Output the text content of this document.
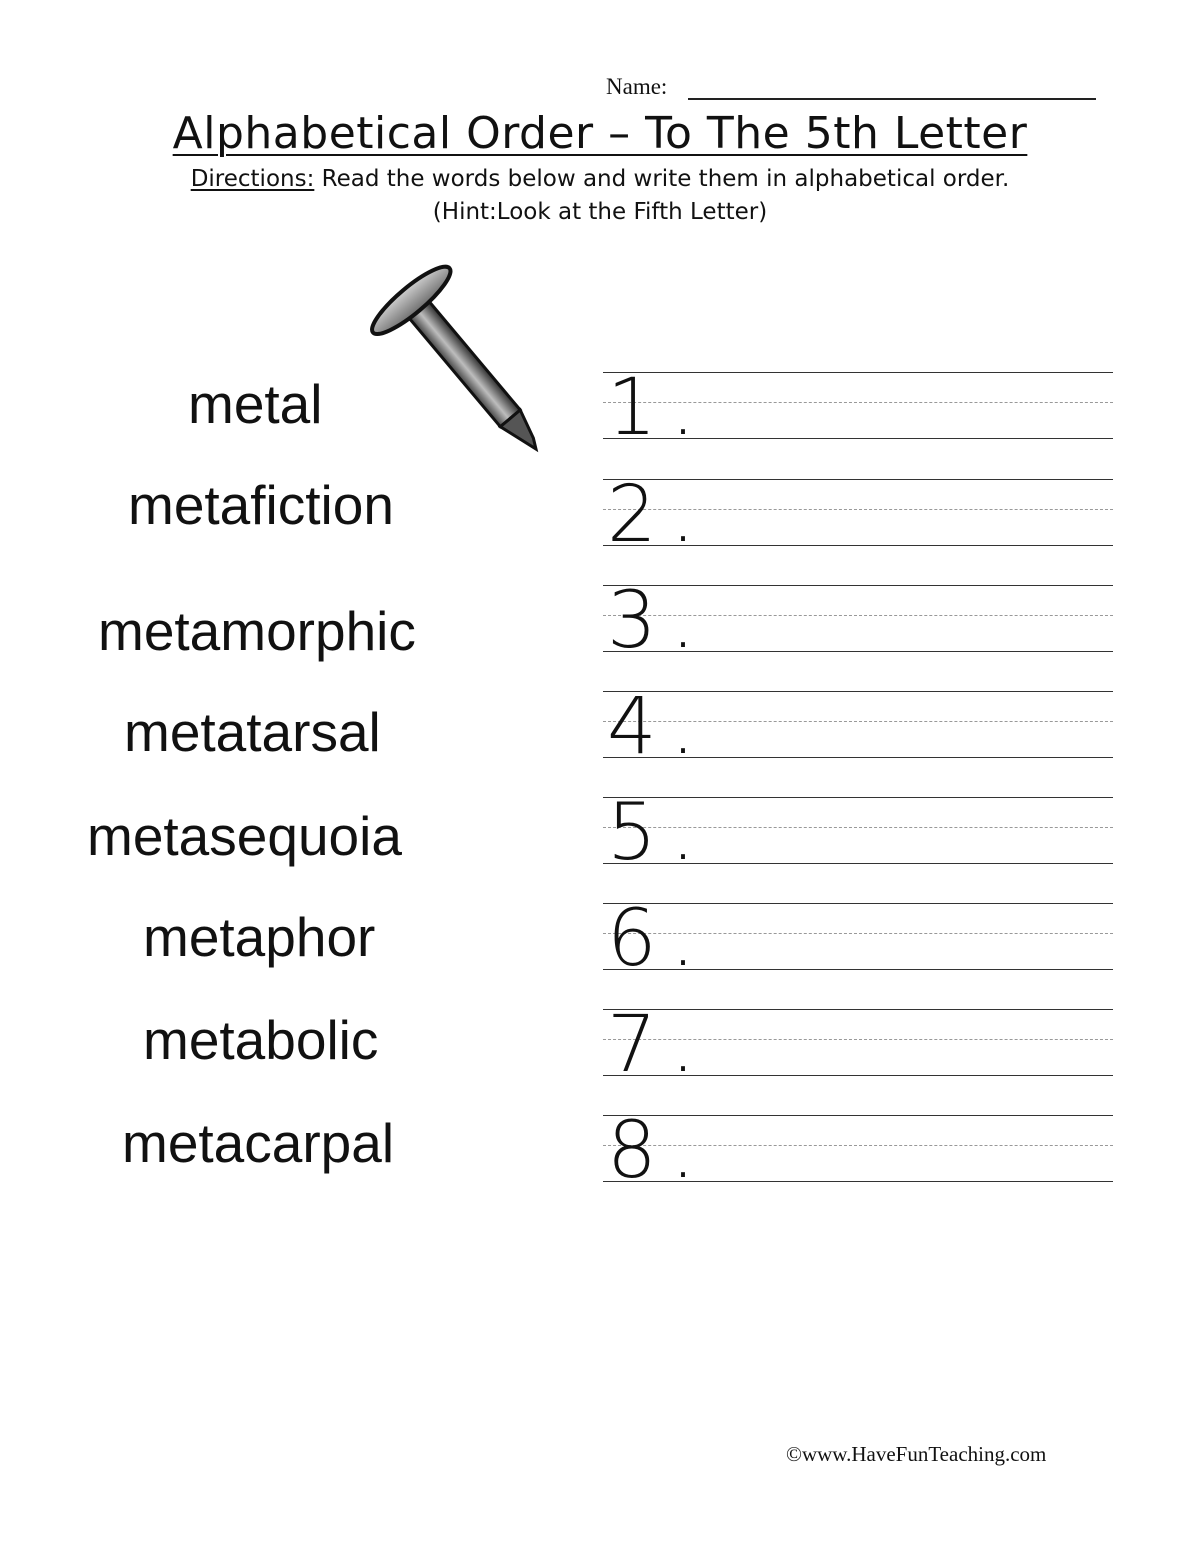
Name:
Alphabetical Order – To The 5th Letter
Directions: Read the words below and write them in alphabetical order.
(Hint:Look at the Fifth Letter)
metal
metafiction
metamorphic
metatarsal
metasequoia
metaphor
metabolic
metacarpal
1.
2.
3.
4.
5.
6.
7.
8.
©www.HaveFunTeaching.com
